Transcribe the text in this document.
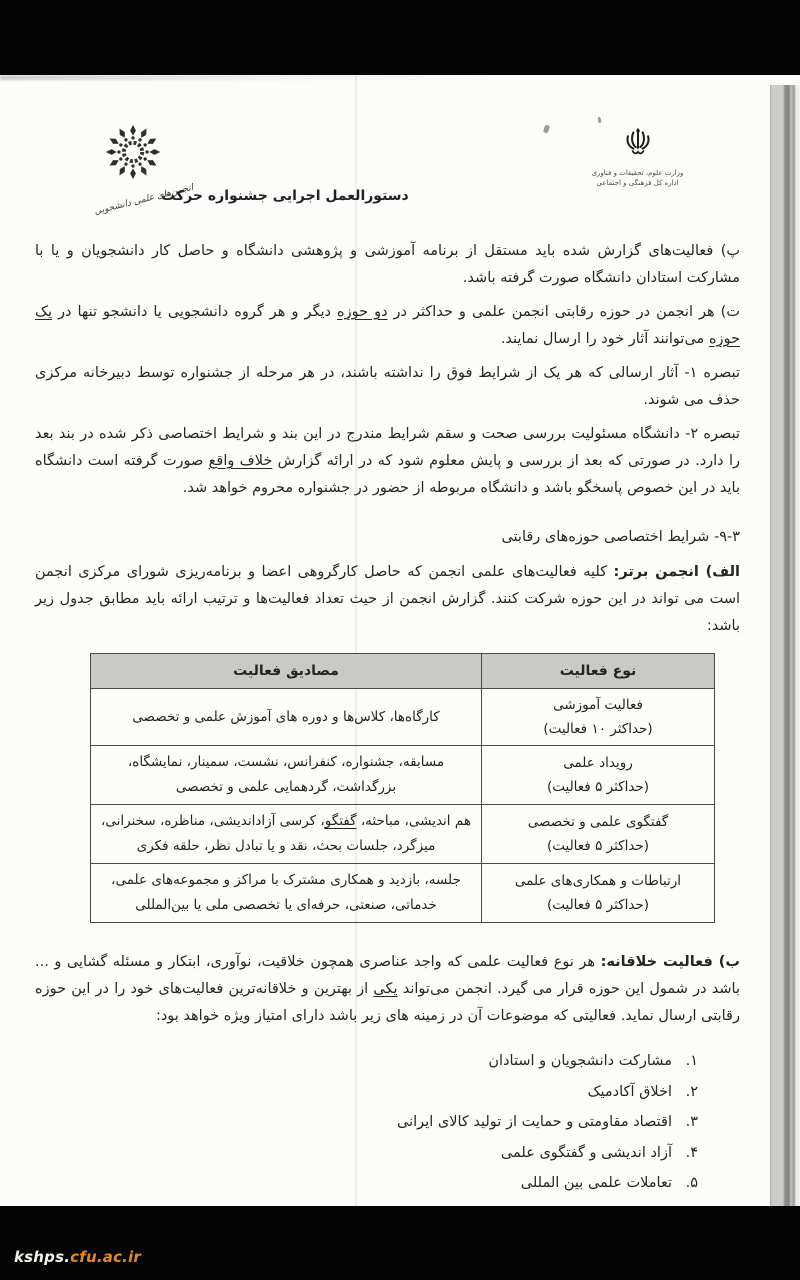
انجمن‌های علمی دانشجویی
وزارت علوم، تحقیقات و فناوری
اداره کل فرهنگی و اجتماعی
دستورالعمل اجرایی جشنواره حرکت

پ) فعالیت‌های گزارش شده باید مستقل از برنامه آموزشی و پژوهشی دانشگاه و حاصل کار دانشجویان و یا با مشارکت استادان دانشگاه صورت گرفته باشد.

ت) هر انجمن در حوزه رقابتی انجمن علمی و حداکثر در دو حوزه دیگر و هر گروه دانشجویی یا دانشجو تنها در یک حوزه می‌توانند آثار خود را ارسال نمایند.

تبصره ۱- آثار ارسالی که هر یک از شرایط فوق را نداشته باشند، در هر مرحله از جشنواره توسط دبیرخانه مرکزی حذف می شوند.

تبصره ۲- دانشگاه مسئولیت بررسی صحت و سقم شرایط مندرج در این بند و شرایط اختصاصی ذکر شده در بند بعد را دارد. در صورتی که بعد از بررسی و پایش معلوم شود که در ارائه گزارش خلاف واقع صورت گرفته است دانشگاه باید در این خصوص پاسخگو باشد و دانشگاه مربوطه از حضور در جشنواره محروم خواهد شد.

۹-۳- شرایط اختصاصی حوزه‌های رقابتی

الف) انجمن برتر: کلیه فعالیت‌های علمی انجمن که حاصل کارگروهی اعضا و برنامه‌ریزی شورای مرکزی انجمن است می تواند در این حوزه شرکت کنند. گزارش انجمن از حیث تعداد فعالیت‌ها و ترتیب ارائه باید مطابق جدول زیر باشد:

نوع فعالیت	مصادیق فعالیت

فعالیت آموزشی
(حداکثر ۱۰ فعالیت)	کارگاه‌ها، کلاس‌ها و دوره های آموزش علمی و تخصصی

رویداد علمی
(حداکثر ۵ فعالیت)	مسابقه، جشنواره، کنفرانس، نشست، سمینار، نمایشگاه، بزرگداشت، گردهمایی علمی و تخصصی

گفتگوی علمی و تخصصی
(حداکثر ۵ فعالیت)	هم اندیشی، مباحثه، گفتگو، کرسی آزاداندیشی، مناظره، سخنرانی، میزگرد، جلسات بحث، نقد و یا تبادل نظر، حلقه فکری

ارتباطات و همکاری‌های علمی
(حداکثر ۵ فعالیت)	جلسه، بازدید و همکاری مشترک با مراکز و مجموعه‌های علمی، خدماتی، صنعتی، حرفه‌ای یا تخصصی ملی یا بین‌المللی

ب) فعالیت خلاقانه: هر نوع فعالیت علمی که واجد عناصری همچون خلاقیت، نوآوری، ابتکار و مسئله گشایی و ... باشد در شمول این حوزه قرار می گیرد. انجمن می‌تواند یکی از بهترین و خلاقانه‌ترین فعالیت‌های خود را در این حوزه رقابتی ارسال نماید. فعالیتی که موضوعات آن در زمینه های زیر باشد دارای امتیاز ویژه خواهد بود:

۱.مشارکت دانشجویان و استادان
۲.اخلاق آکادمیک
۳.اقتصاد مقاومتی و حمایت از تولید کالای ایرانی
۴.آزاد اندیشی و گفتگوی علمی
۵.تعاملات علمی بین المللی
kshps.cfu.ac.ir
